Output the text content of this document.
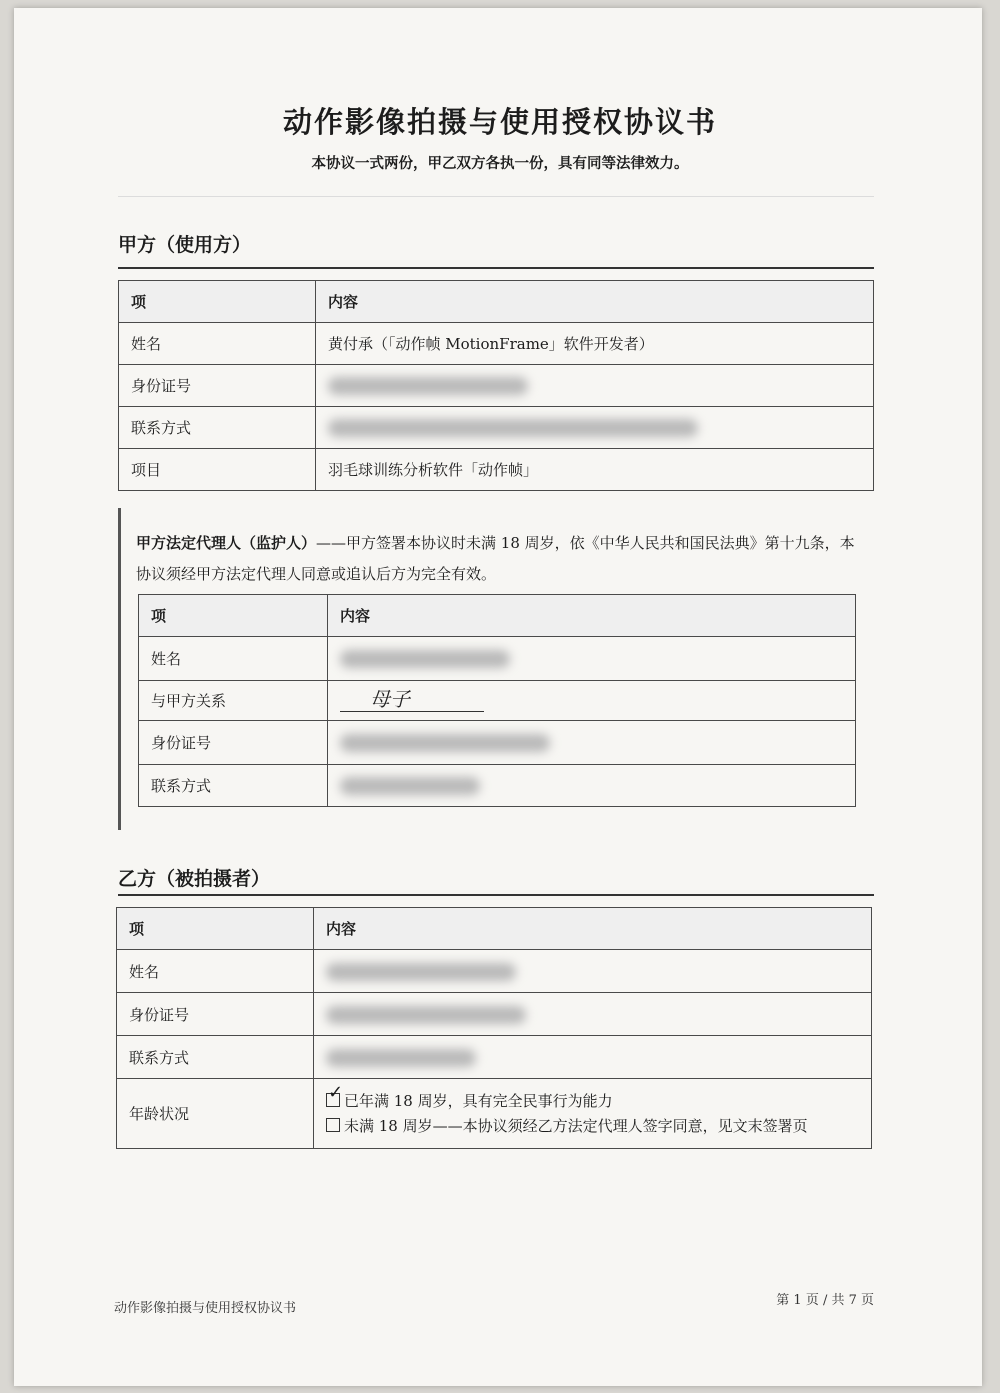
动作影像拍摄与使用授权协议书
本协议一式两份，甲乙双方各执一份，具有同等法律效力。
甲方（使用方）
项	内容
姓名	黄付承（「动作帧 MotionFrame」软件开发者）
身份证号	
联系方式	
项目	羽毛球训练分析软件「动作帧」
甲方法定代理人（监护人）——甲方签署本协议时未满 18 周岁，依《中华人民共和国民法典》第十九条，本协议须经甲方法定代理人同意或追认后方为完全有效。
项	内容
姓名	
与甲方关系	母子

身份证号	
联系方式	
乙方（被拍摄者）
项	内容
姓名	
身份证号	
联系方式	
年龄状况	✓ 已年满 18 周岁，具有完全民事行为能力
未满 18 周岁——本协议须经乙方法定代理人签字同意，见文末签署页
动作影像拍摄与使用授权协议书
第 1 页 / 共 7 页
